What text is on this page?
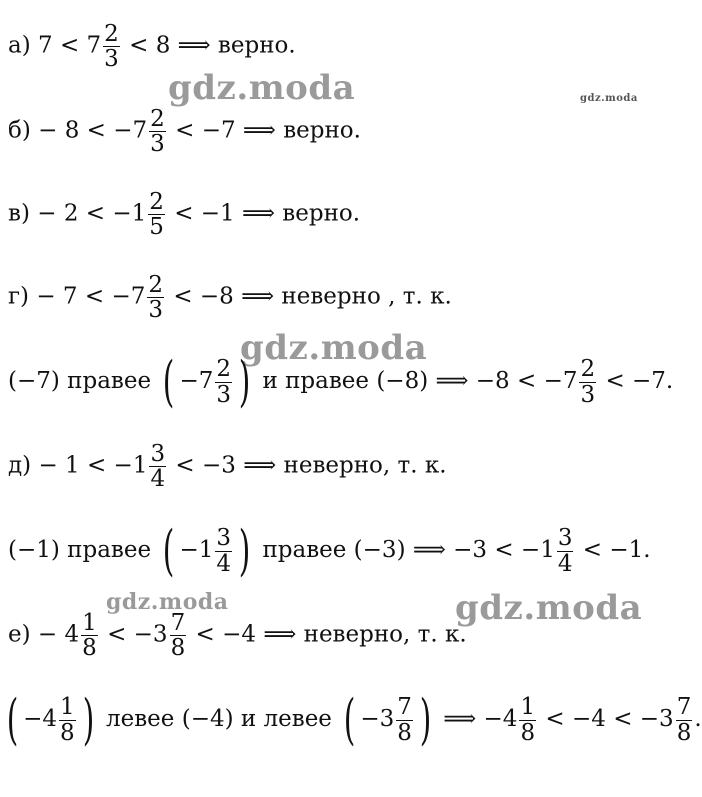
gdz.moda	gdz.moda
gdz.moda
gdz.moda	gdz.moda
а) $7 < 7 \frac{2}{3} < 8$ ⟹ верно.
$б) - 8 < -7 \frac{2}{3} < -7$ ⟹ верно.
$в) - 2 < -1 \frac{2}{5} < -1$ ⟹ верно.
$г) - 7 < -7 \frac{2}{3} < -8$ ⟹ неверно , т. к.
(−7) правее ( $-7 \frac{2}{3}$ ) и правее (−8) ⟹ $-8 < -7 \frac{2}{3} < -7$.
$д) - 1 < -1 \frac{3}{4} < -3$ ⟹ неверно, т. к.
(−1) правее ( $-1 \frac{3}{4}$ ) правее (−3) ⟹ $-3 < -1 \frac{3}{4} < -1$.
$е) - 4 \frac{1}{8} < -3 \frac{7}{8} < -4$ ⟹ неверно, т. к.
( $-4 \frac{1}{8}$ ) левее (−4) и левее ( $-3 \frac{7}{8}$ ) ⟹ $-4 \frac{1}{8} < -4 < -3 \frac{7}{8}$ .
